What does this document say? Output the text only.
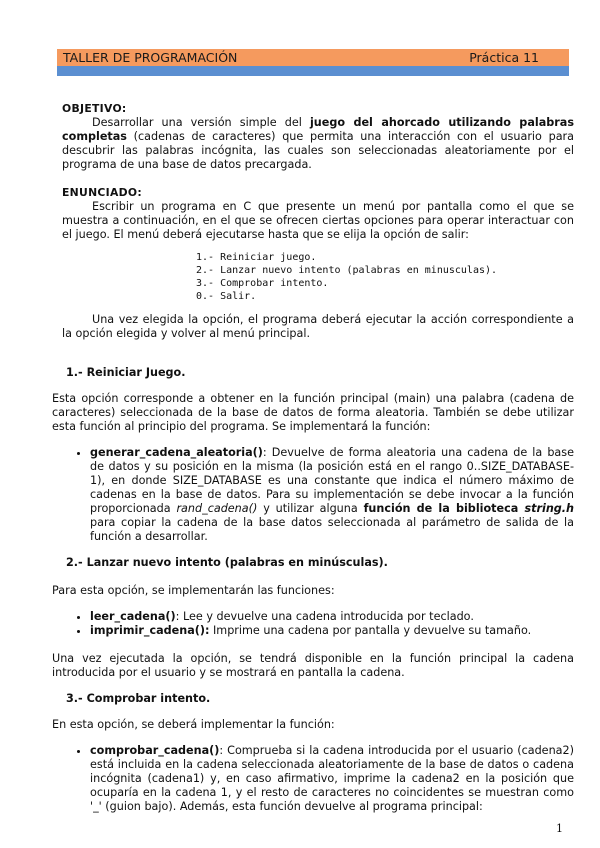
TALLER DE PROGRAMACIÓN	Práctica 11

OBJETIVO:

Desarrollar una versión simple del juego del ahorcado utilizando palabras completas (cadenas de caracteres) que permita una interacción con el usuario para descubrir las palabras incógnita, las cuales son seleccionadas aleatoriamente por el programa de una base de datos precargada.

ENUNCIADO:

Escribir un programa en C que presente un menú por pantalla como el que se muestra a continuación, en el que se ofrecen ciertas opciones para operar interactuar con el juego. El menú deberá ejecutarse hasta que se elija la opción de salir:

1.- Reiniciar juego.
2.- Lanzar nuevo intento (palabras en minusculas).
3.- Comprobar intento.
0.- Salir.

Una vez elegida la opción, el programa deberá ejecutar la acción correspondiente a la opción elegida y volver al menú principal.

1.- Reiniciar Juego.

Esta opción corresponde a obtener en la función principal (main) una palabra (cadena de caracteres) seleccionada de la base de datos de forma aleatoria. También se debe utilizar esta función al principio del programa. Se implementará la función:

• generar_cadena_aleatoria(): Devuelve de forma aleatoria una cadena de la base de datos y su posición en la misma (la posición está en el rango 0..SIZE_DATABASE-1), en donde SIZE_DATABASE es una constante que indica el número máximo de cadenas en la base de datos. Para su implementación se debe invocar a la función proporcionada rand_cadena() y utilizar alguna función de la biblioteca string.h para copiar la cadena de la base datos seleccionada al parámetro de salida de la función a desarrollar.

2.- Lanzar nuevo intento (palabras en minúsculas).

Para esta opción, se implementarán las funciones:

• leer_cadena(): Lee y devuelve una cadena introducida por teclado.
• imprimir_cadena(): Imprime una cadena por pantalla y devuelve su tamaño.

Una vez ejecutada la opción, se tendrá disponible en la función principal la cadena introducida por el usuario y se mostrará en pantalla la cadena.

3.- Comprobar intento.

En esta opción, se deberá implementar la función:

• comprobar_cadena(): Comprueba si la cadena introducida por el usuario (cadena2) está incluida en la cadena seleccionada aleatoriamente de la base de datos o cadena incógnita (cadena1) y, en caso afirmativo, imprime la cadena2 en la posición que ocuparía en la cadena 1, y el resto de caracteres no coincidentes se muestran como '_' (guion bajo). Además, esta función devuelve al programa principal:
1
